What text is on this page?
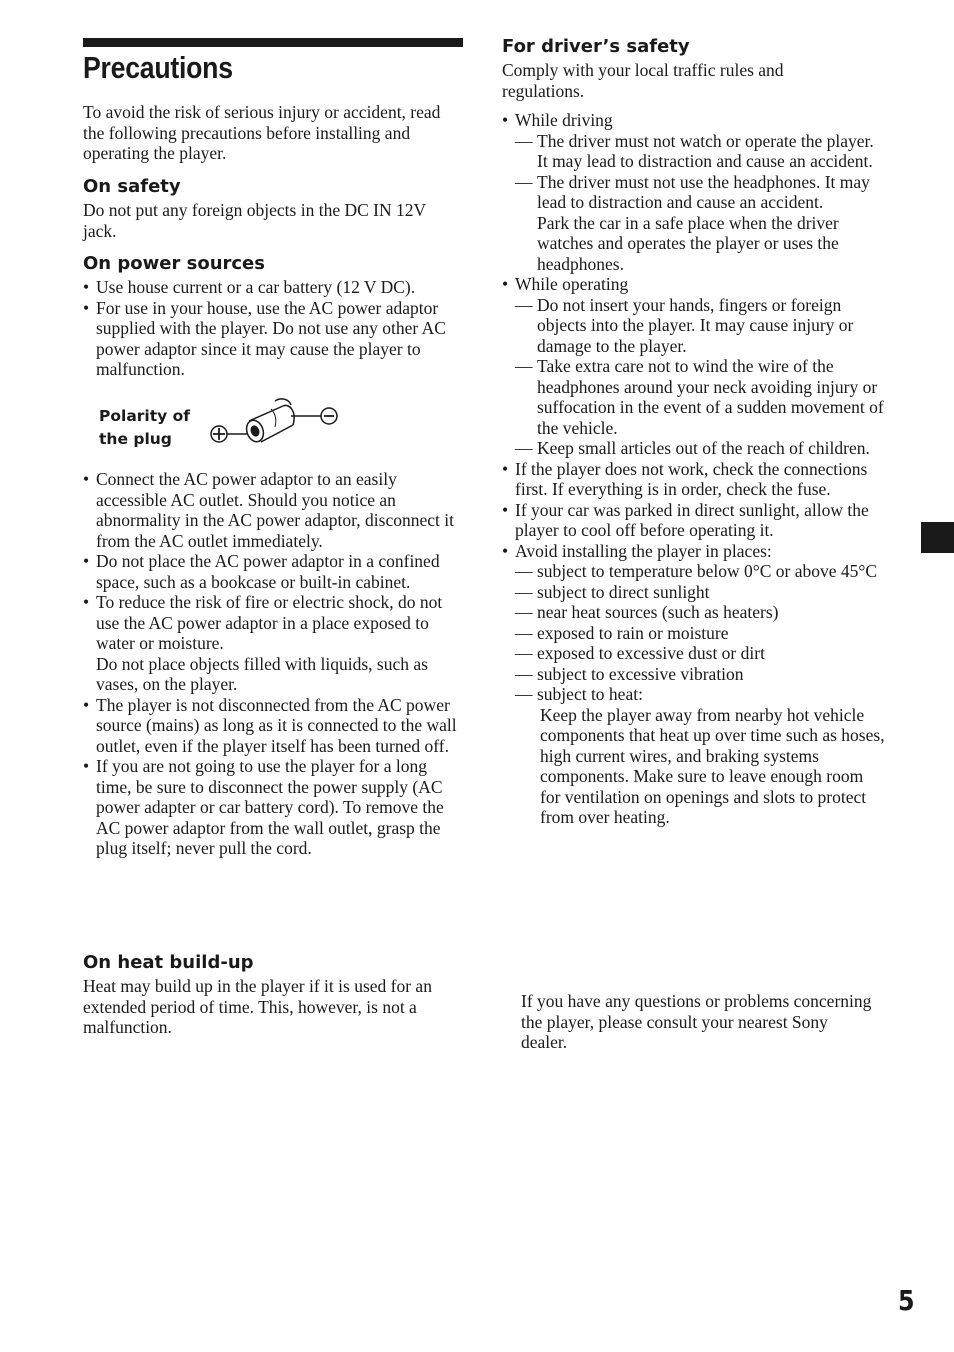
Precautions

To avoid the risk of serious injury or accident, read the following precautions before installing and operating the player.

On safety

Do not put any foreign objects in the DC IN 12V jack.

On power sources
• Use house current or a car battery (12 V DC).
• For use in your house, use the AC power adaptor supplied with the player. Do not use any other AC power adaptor since it may cause the player to malfunction.
Polarity of
the plug
• Connect the AC power adaptor to an easily accessible AC outlet. Should you notice an abnormality in the AC power adaptor, disconnect it from the AC outlet immediately.
• Do not place the AC power adaptor in a confined space, such as a bookcase or built-in cabinet.
• To reduce the risk of fire or electric shock, do not use the AC power adaptor in a place exposed to water or moisture.
Do not place objects filled with liquids, such as vases, on the player.
• The player is not disconnected from the AC power source (mains) as long as it is connected to the wall outlet, even if the player itself has been turned off.
• If you are not going to use the player for a long time, be sure to disconnect the power supply (AC power adapter or car battery cord). To remove the AC power adaptor from the wall outlet, grasp the plug itself; never pull the cord.
On heat build-up

Heat may build up in the player if it is used for an extended period of time. This, however, is not a malfunction.

For driver’s safety

Comply with your local traffic rules and regulations.

• While driving
— The driver must not watch or operate the player. It may lead to distraction and cause an accident.
— The driver must not use the headphones. It may lead to distraction and cause an accident.
Park the car in a safe place when the driver watches and operates the player or uses the headphones.
• While operating
— Do not insert your hands, fingers or foreign objects into the player. It may cause injury or damage to the player.
— Take extra care not to wind the wire of the headphones around your neck avoiding injury or suffocation in the event of a sudden movement of the vehicle.
— Keep small articles out of the reach of children.
• If the player does not work, check the connections first. If everything is in order, check the fuse.
• If your car was parked in direct sunlight, allow the player to cool off before operating it.
• Avoid installing the player in places:
— subject to temperature below 0°C or above 45°C
— subject to direct sunlight
— near heat sources (such as heaters)
— exposed to rain or moisture
— exposed to excessive dust or dirt
— subject to excessive vibration
— subject to heat:
Keep the player away from nearby hot vehicle components that heat up over time such as hoses, high current wires, and braking systems components. Make sure to leave enough room for ventilation on openings and slots to protect from over heating.

If you have any questions or problems concerning the player, please consult your nearest Sony dealer.

5
